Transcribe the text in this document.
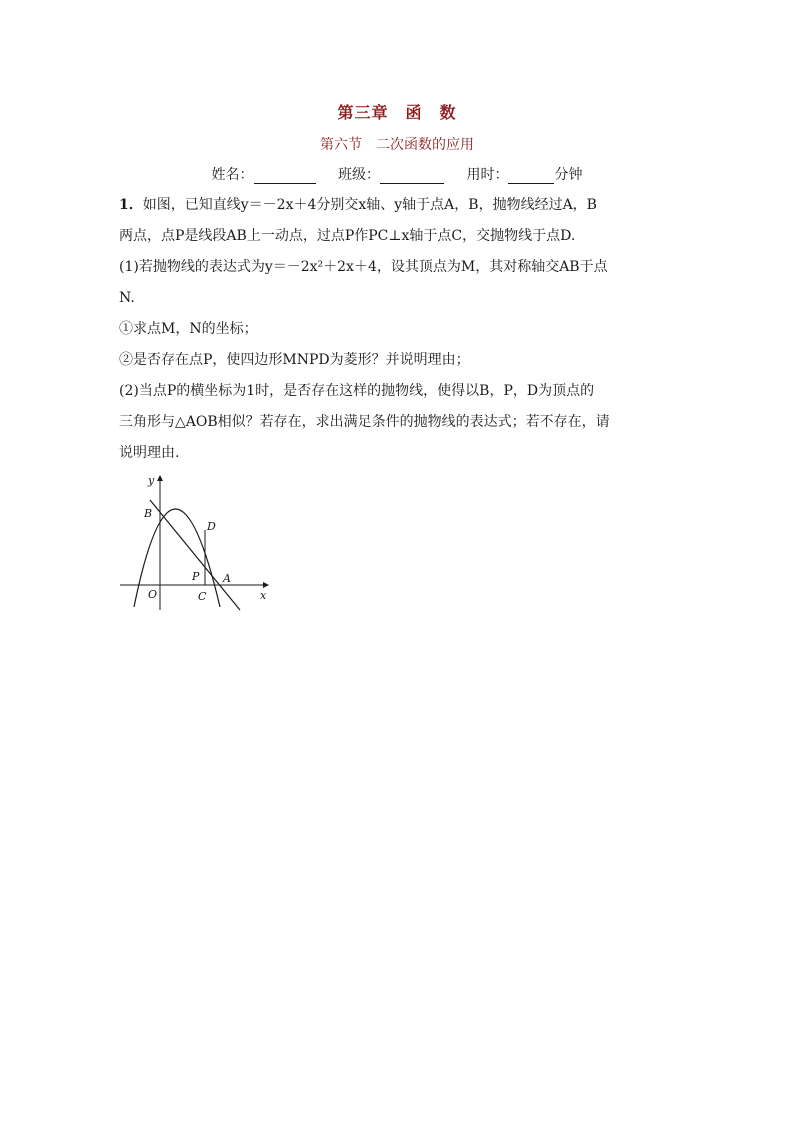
第三章　函　数
第六节　二次函数的应用
姓名：	班级：	用时：	分钟

1．如图，已知直线y＝－2x＋4分别交x轴、y轴于点A，B，抛物线经过A，B

两点，点P是线段AB上一动点，过点P作PC⊥x轴于点C，交抛物线于点D.

(1)若抛物线的表达式为y＝－2x²＋2x＋4，设其顶点为M，其对称轴交AB于点

N.

①求点M，N的坐标；

②是否存在点P，使四边形MNPD为菱形？并说明理由；

(2)当点P的横坐标为1时，是否存在这样的抛物线，使得以B，P，D为顶点的

三角形与△AOB相似？若存在，求出满足条件的抛物线的表达式；若不存在，请

说明理由.

y
x
O
B
D
P A
C
